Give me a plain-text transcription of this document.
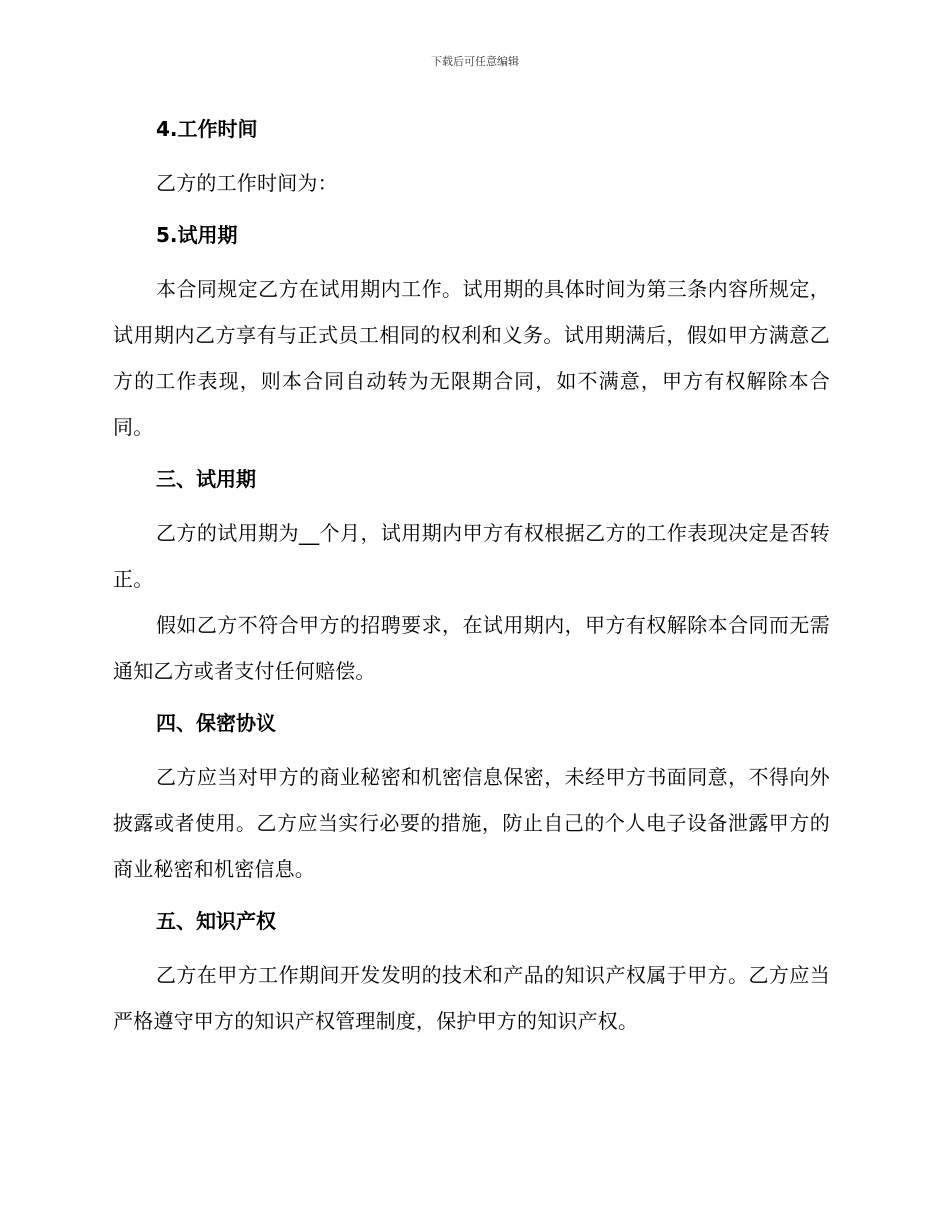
下载后可任意编辑
4.工作时间

乙方的工作时间为：

5.试用期

本合同规定乙方在试用期内工作。试用期的具体时间为第三条内容所规定，试用期内乙方享有与正式员工相同的权利和义务。试用期满后，假如甲方满意乙方的工作表现，则本合同自动转为无限期合同，如不满意，甲方有权解除本合同。

三、试用期

乙方的试用期为__个月，试用期内甲方有权根据乙方的工作表现决定是否转正。

假如乙方不符合甲方的招聘要求，在试用期内，甲方有权解除本合同而无需通知乙方或者支付任何赔偿。

四、保密协议

乙方应当对甲方的商业秘密和机密信息保密，未经甲方书面同意，不得向外披露或者使用。乙方应当实行必要的措施，防止自己的个人电子设备泄露甲方的商业秘密和机密信息。

五、知识产权

乙方在甲方工作期间开发发明的技术和产品的知识产权属于甲方。乙方应当严格遵守甲方的知识产权管理制度，保护甲方的知识产权。
